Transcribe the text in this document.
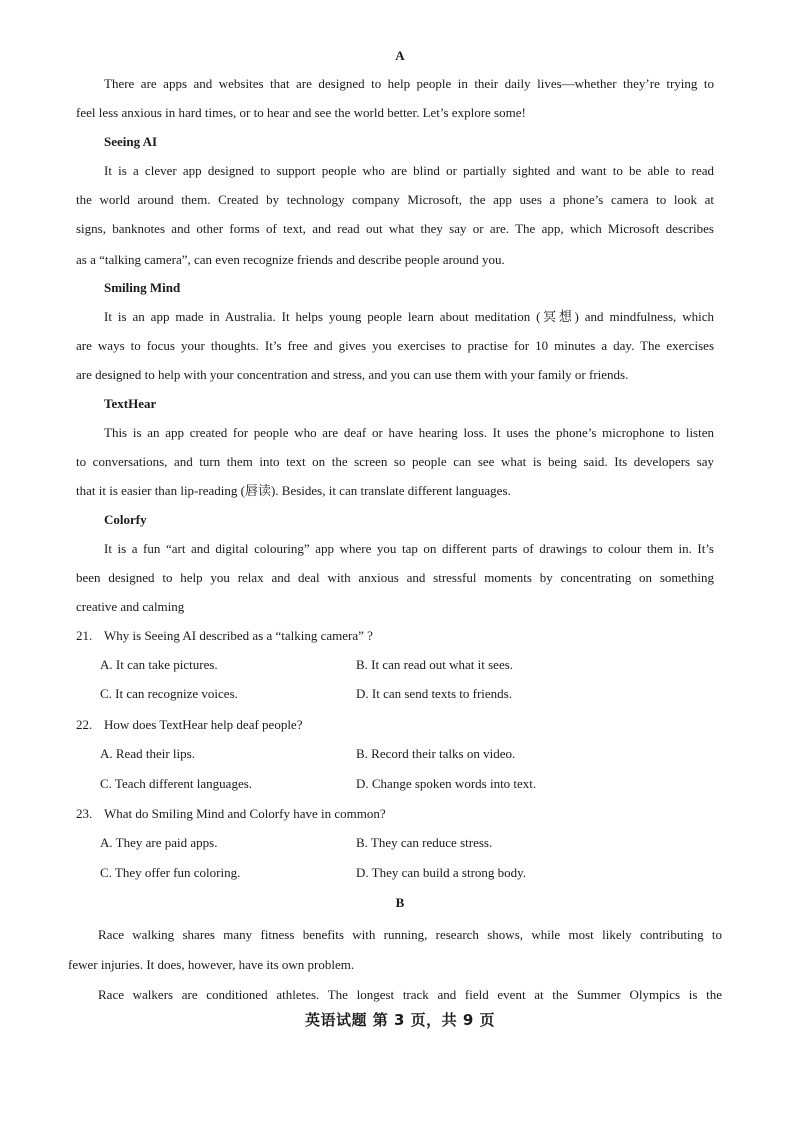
A
There are apps and websites that are designed to help people in their daily lives—whether they’re trying to
feel less anxious in hard times, or to hear and see the world better. Let’s explore some!
Seeing AI
It is a clever app designed to support people who are blind or partially sighted and want to be able to read
the world around them. Created by technology company Microsoft, the app uses a phone’s camera to look at
signs, banknotes and other forms of text, and read out what they say or are. The app, which Microsoft describes
as a “talking camera”, can even recognize friends and describe people around you.
Smiling Mind
It is an app made in Australia. It helps young people learn about meditation (冥想) and mindfulness, which
are ways to focus your thoughts. It’s free and gives you exercises to practise for 10 minutes a day. The exercises
are designed to help with your concentration and stress, and you can use them with your family or friends.
TextHear
This is an app created for people who are deaf or have hearing loss. It uses the phone’s microphone to listen
to conversations, and turn them into text on the screen so people can see what is being said. Its developers say
that it is easier than lip-reading (唇读). Besides, it can translate different languages.
Colorfy
It is a fun “art and digital colouring” app where you tap on different parts of drawings to colour them in. It’s
been designed to help you relax and deal with anxious and stressful moments by concentrating on something
creative and calming
21. Why is Seeing AI described as a “talking camera” ?
A. It can take pictures.	B. It can read out what it sees.
C. It can recognize voices.	D. It can send texts to friends.
22. How does TextHear help deaf people?
A. Read their lips.	B. Record their talks on video.
C. Teach different languages.	D. Change spoken words into text.
23. What do Smiling Mind and Colorfy have in common?
A. They are paid apps.	B. They can reduce stress.
C. They offer fun coloring.	D. They can build a strong body.
B
Race walking shares many fitness benefits with running, research shows, while most likely contributing to
fewer injuries. It does, however, have its own problem.
Race walkers are conditioned athletes. The longest track and field event at the Summer Olympics is the
英语试题 第 3 页，共 9 页
